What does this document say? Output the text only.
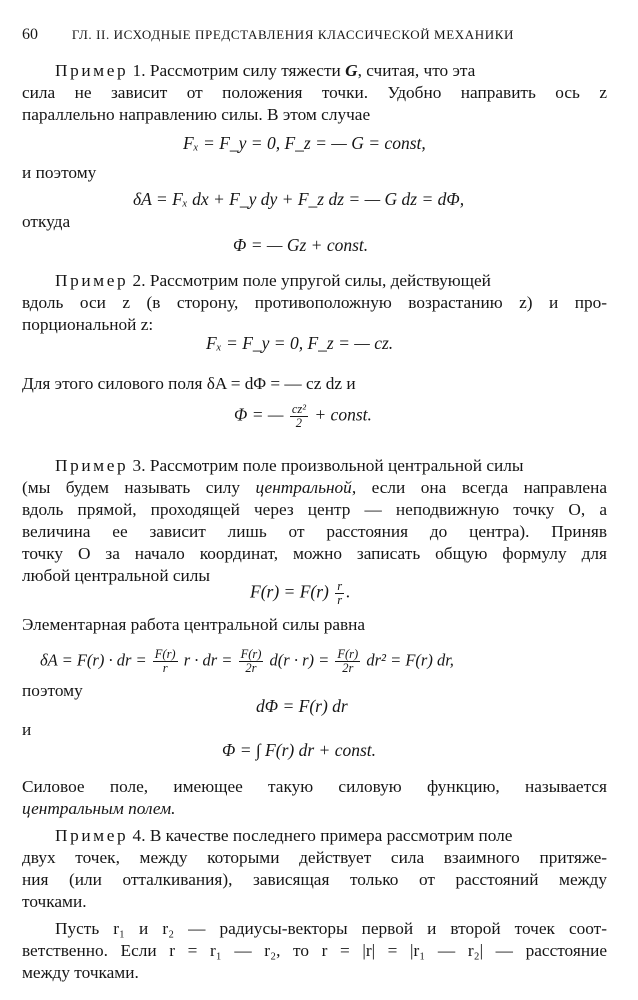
60	ГЛ. II. ИСХОДНЫЕ ПРЕДСТАВЛЕНИЯ КЛАССИЧЕСКОЙ МЕХАНИКИ
Пример 1. Рассмотрим силу тяжести G, считая, что эта
сила не зависит от положения точки. Удобно направить ось z
параллельно направлению силы. В этом случае
Fₓ = F_y = 0, F_z = — G = const,
и поэтому
δA = Fₓ dx + F_y dy + F_z dz = — G dz = dΦ,
откуда
Φ = — Gz + const.
Пример 2. Рассмотрим поле упругой силы, действующей
вдоль оси z (в сторону, противоположную возрастанию z) и про-
порциональной z:
Fₓ = F_y = 0, F_z = — cz.
Для этого силового поля δA = dΦ = — cz dz и
Φ = — $\frac{\text{cz²}}{2}$ + const.
Пример 3. Рассмотрим поле произвольной центральной силы
(мы будем называть силу центральной, если она всегда направлена
вдоль прямой, проходящей через центр — неподвижную точку O, а
величина ее зависит лишь от расстояния до центра). Приняв
точку O за начало координат, можно записать общую формулу для
любой центральной силы
$F(r) = F(r) \frac{r}{r}$ .
Элементарная работа центральной силы равна
δA = F(r) · dr = $\frac{F(r)}{r}$ r · dr = $\frac{F(r)}{2r} d(r \cdot r) = \frac{F(r)}{2r} dr^2 = F(r)$ dr,
поэтому
dΦ = F(r) dr
и
Φ = ∫ F(r) dr + const.
Силовое поле, имеющее такую силовую функцию, называется
центральным полем.
Пример 4. В качестве последнего примера рассмотрим поле
двух точек, между которыми действует сила взаимного притяже-
ния (или отталкивания), зависящая только от расстояний между
точками.
Пусть r₁ и r₂ — радиусы-векторы первой и второй точек соот-
ветственно. Если r = r₁ — r₂, то r = |r| = |r₁ — r₂| — расстояние
между точками.
